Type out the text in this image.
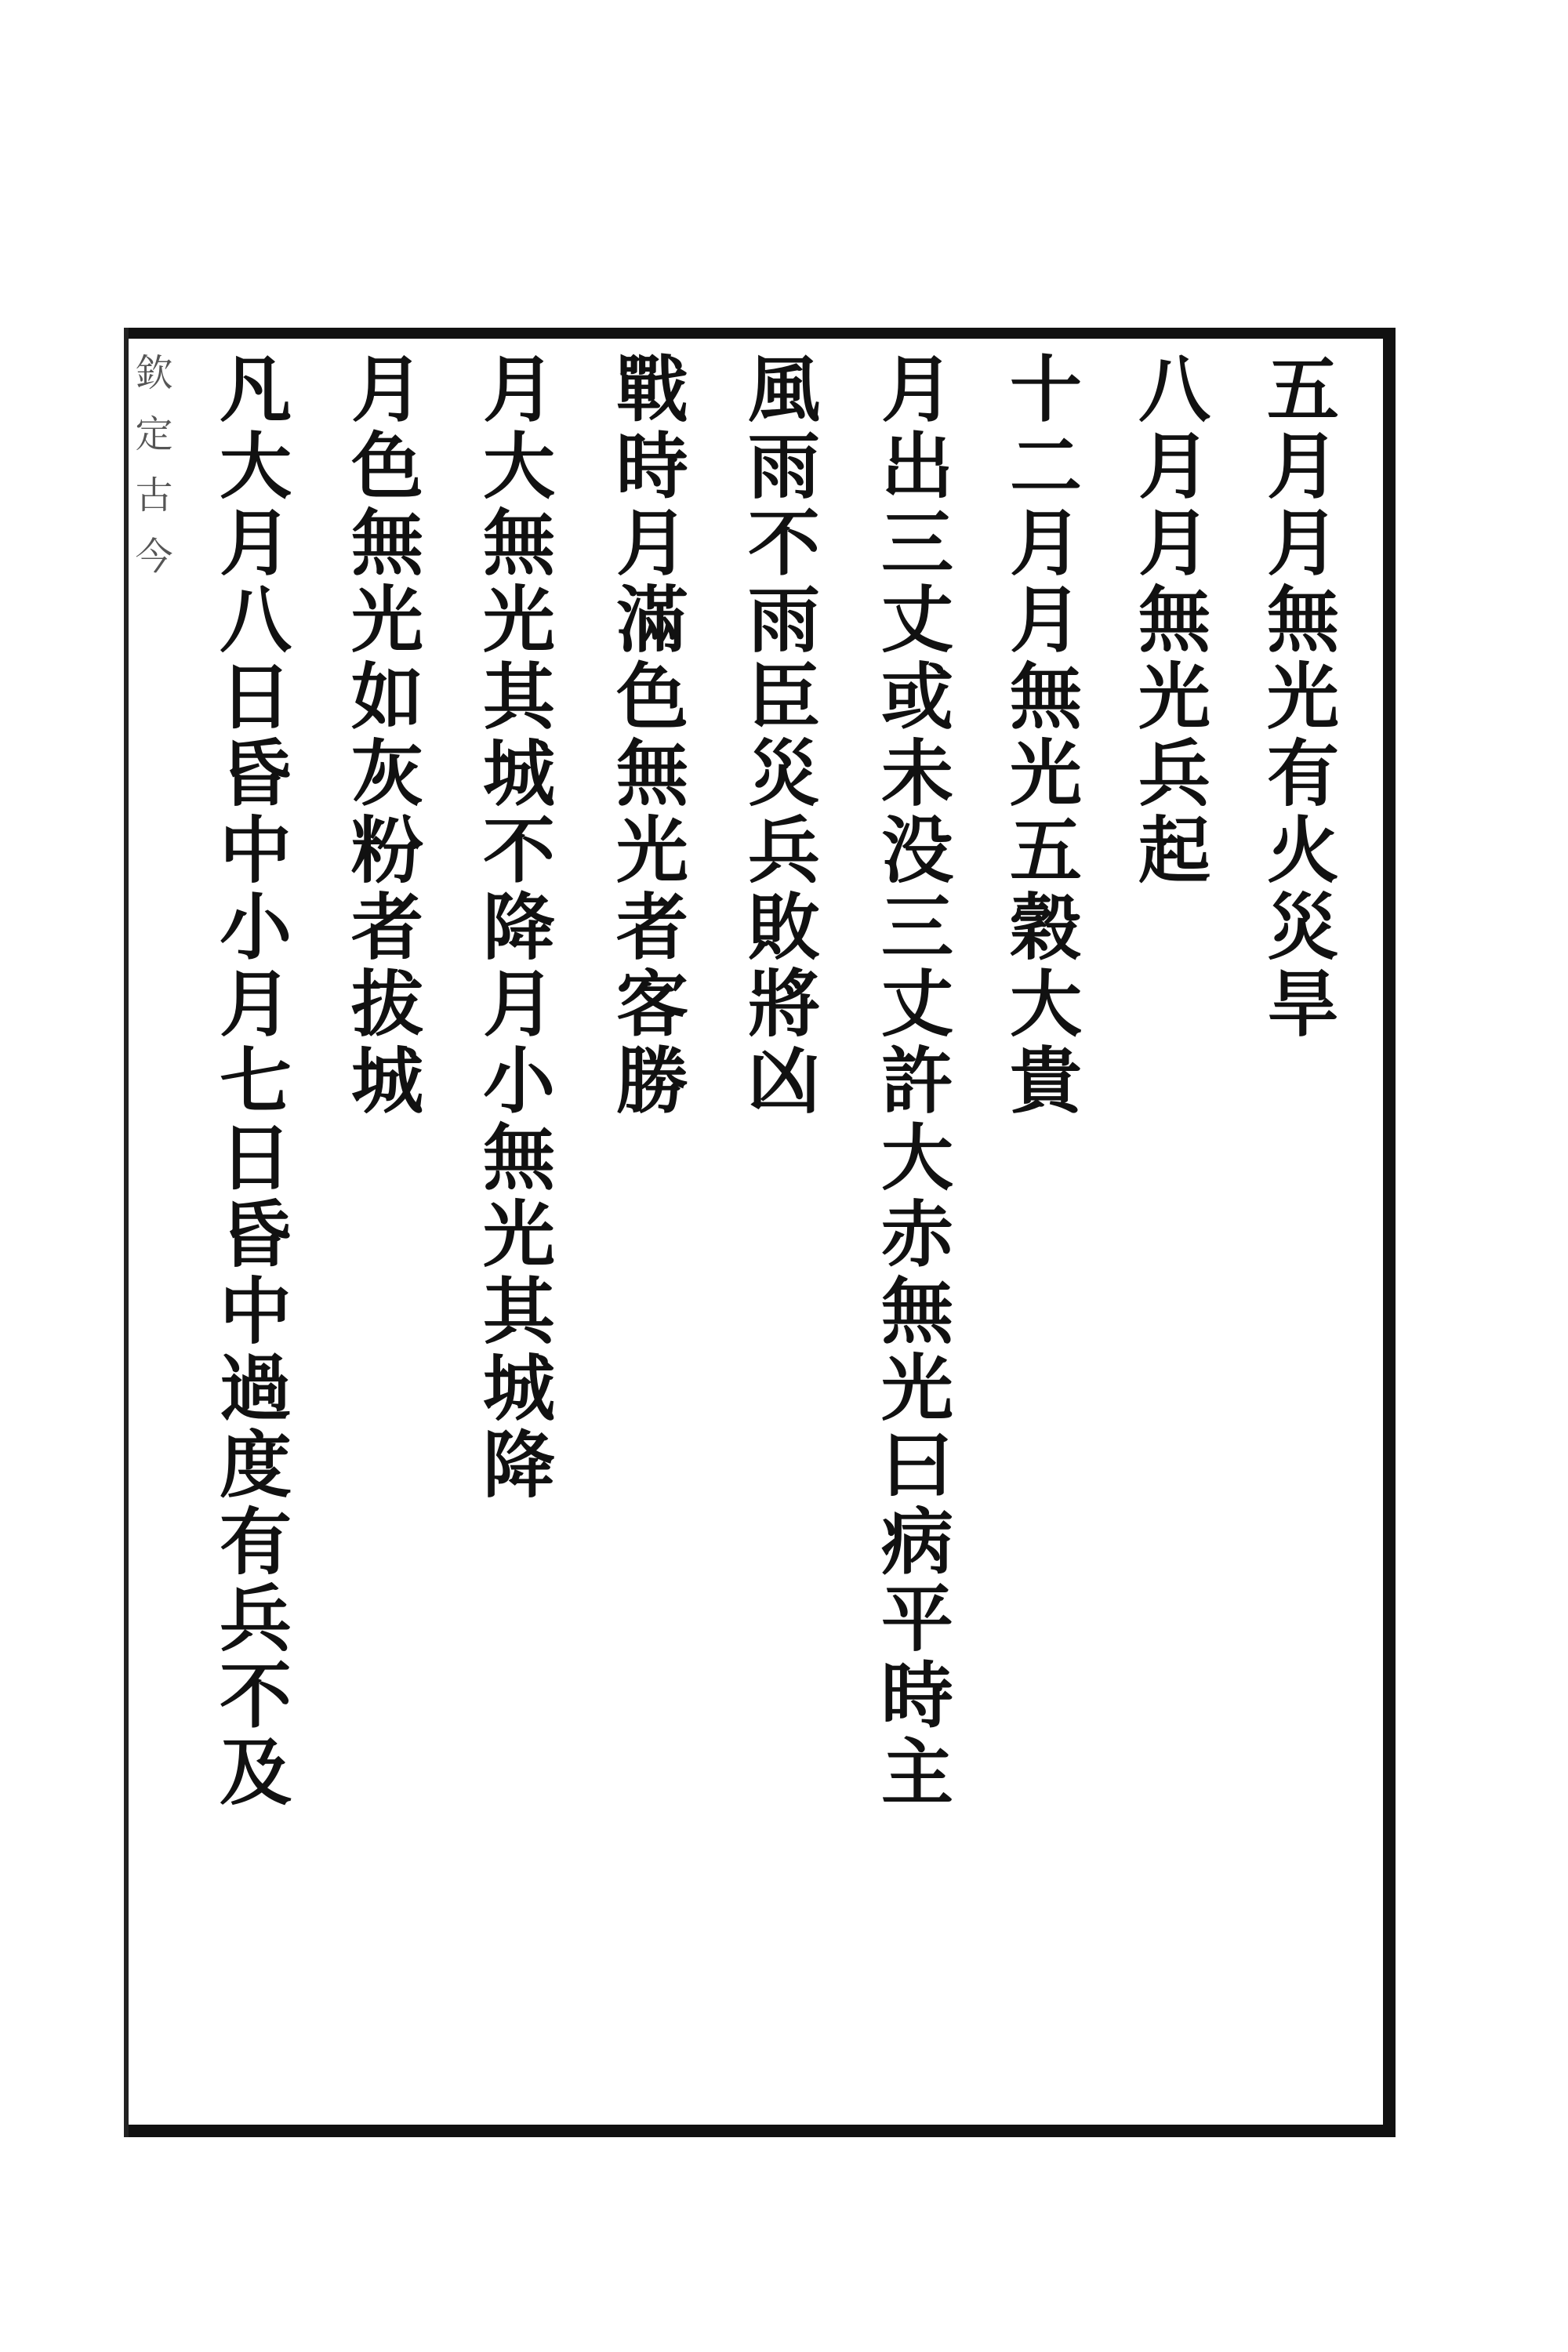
五月月無光有火災旱
八月月無光兵起
十二月月無光五穀大貴
月出三丈或未没三丈許大赤無光曰病平時主
風雨不雨臣災兵敗將凶
戰時月滿色無光者客勝
月大無光其城不降月小無光其城降
月色無光如灰粉者拔城
凡大月八日昏中小月七日昏中過度有兵不及
欽定古今
